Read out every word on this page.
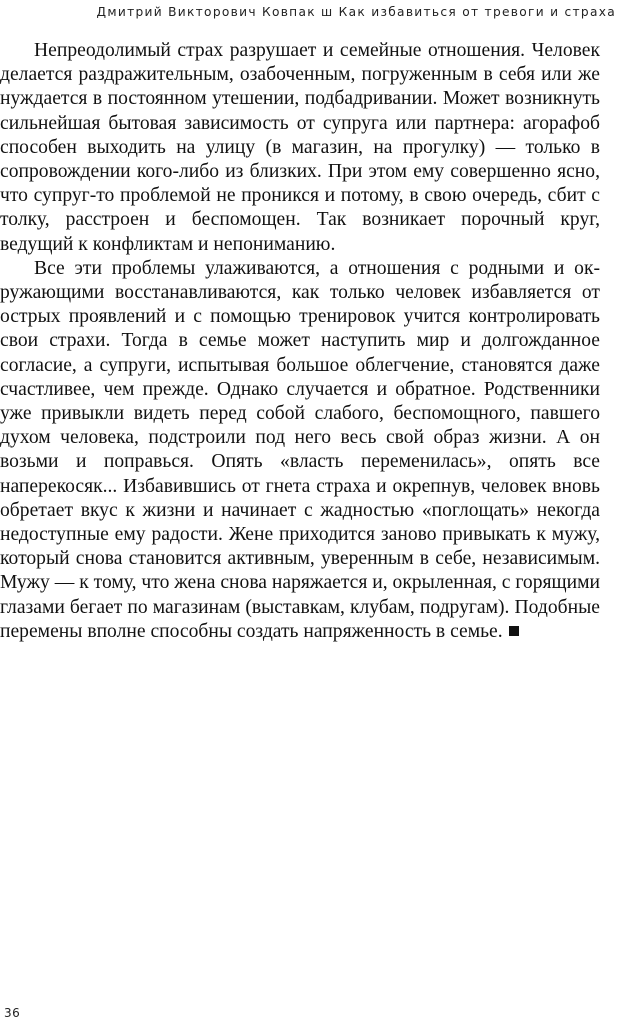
Дмитрий Викторович Ковпак ш Как избавиться от тревоги и страха

Непреодолимый страх разрушает и семейные отношения. Человек делается раздражительным, озабоченным, погруженным в себя или же нуждается в постоянном утешении, подбадривании. Может возникнуть сильнейшая бытовая зависимость от супруга или партнера: агорафоб способен выходить на улицу (в магазин, на прогулку) — только в сопровождении кого-либо из близких. При этом ему совершенно ясно, что супруг-то проблемой не проникся и потому, в свою очередь, сбит с толку, расстроен и беспомощен. Так возникает порочный круг, ведущий к конфликтам и непониманию.

Все эти проблемы улаживаются, а отношения с родными и окружающими восстанавливаются, как только человек избавляется от острых проявлений и с помощью тренировок учится контролировать свои страхи. Тогда в семье может наступить мир и долгожданное согласие, а супруги, испытывая большое облегчение, становятся даже счастливее, чем прежде. Однако случается и обратное. Родственники уже привыкли видеть перед собой слабого, беспомощного, павшего духом человека, подстроили под него весь свой образ жизни. А он возьми и поправься. Опять «власть переменилась», опять все наперекосяк... Избавившись от гнета страха и окрепнув, человек вновь обретает вкус к жизни и начинает с жадностью «поглощать» некогда недоступные ему радости. Жене приходится заново привыкать к мужу, который снова становится активным, уверенным в себе, независимым. Мужу — к тому, что жена снова наряжается и, окрыленная, с горящими глазами бегает по магазинам (выставкам, клубам, подругам). Подобные перемены вполне способны создать напряженность в семье.

36
